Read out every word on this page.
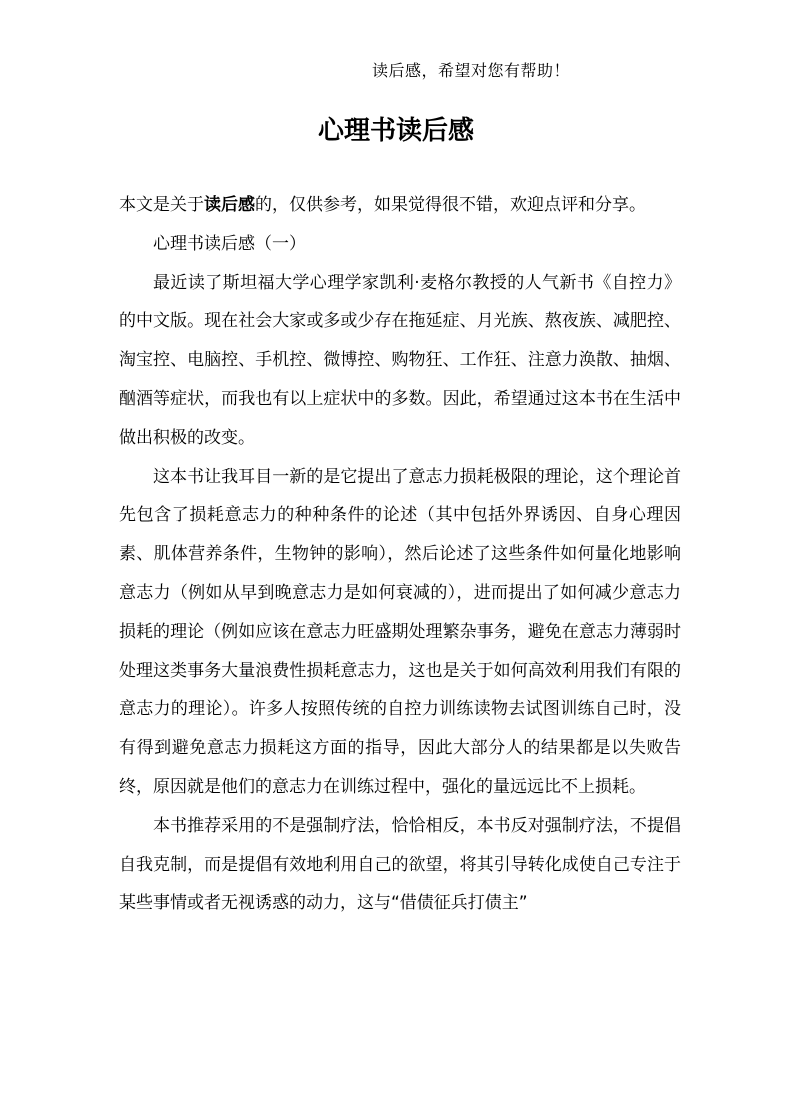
读后感，希望对您有帮助！
心理书读后感

本文是关于读后感的，仅供参考，如果觉得很不错，欢迎点评和分享。

心理书读后感（一）

最近读了斯坦福大学心理学家凯利·麦格尔教授的人气新书《自控力》的中文版。现在社会大家或多或少存在拖延症、月光族、熬夜族、减肥控、淘宝控、电脑控、手机控、微博控、购物狂、工作狂、注意力涣散、抽烟、酗酒等症状，而我也有以上症状中的多数。因此，希望通过这本书在生活中做出积极的改变。

这本书让我耳目一新的是它提出了意志力损耗极限的理论，这个理论首先包含了损耗意志力的种种条件的论述（其中包括外界诱因、自身心理因素、肌体营养条件，生物钟的影响），然后论述了这些条件如何量化地影响意志力（例如从早到晚意志力是如何衰减的），进而提出了如何减少意志力损耗的理论（例如应该在意志力旺盛期处理繁杂事务，避免在意志力薄弱时处理这类事务大量浪费性损耗意志力，这也是关于如何高效利用我们有限的意志力的理论）。许多人按照传统的自控力训练读物去试图训练自己时，没有得到避免意志力损耗这方面的指导，因此大部分人的结果都是以失败告终，原因就是他们的意志力在训练过程中，强化的量远远比不上损耗。

本书推荐采用的不是强制疗法，恰恰相反，本书反对强制疗法，不提倡自我克制，而是提倡有效地利用自己的欲望，将其引导转化成使自己专注于某些事情或者无视诱惑的动力，这与“借债征兵打债主”
